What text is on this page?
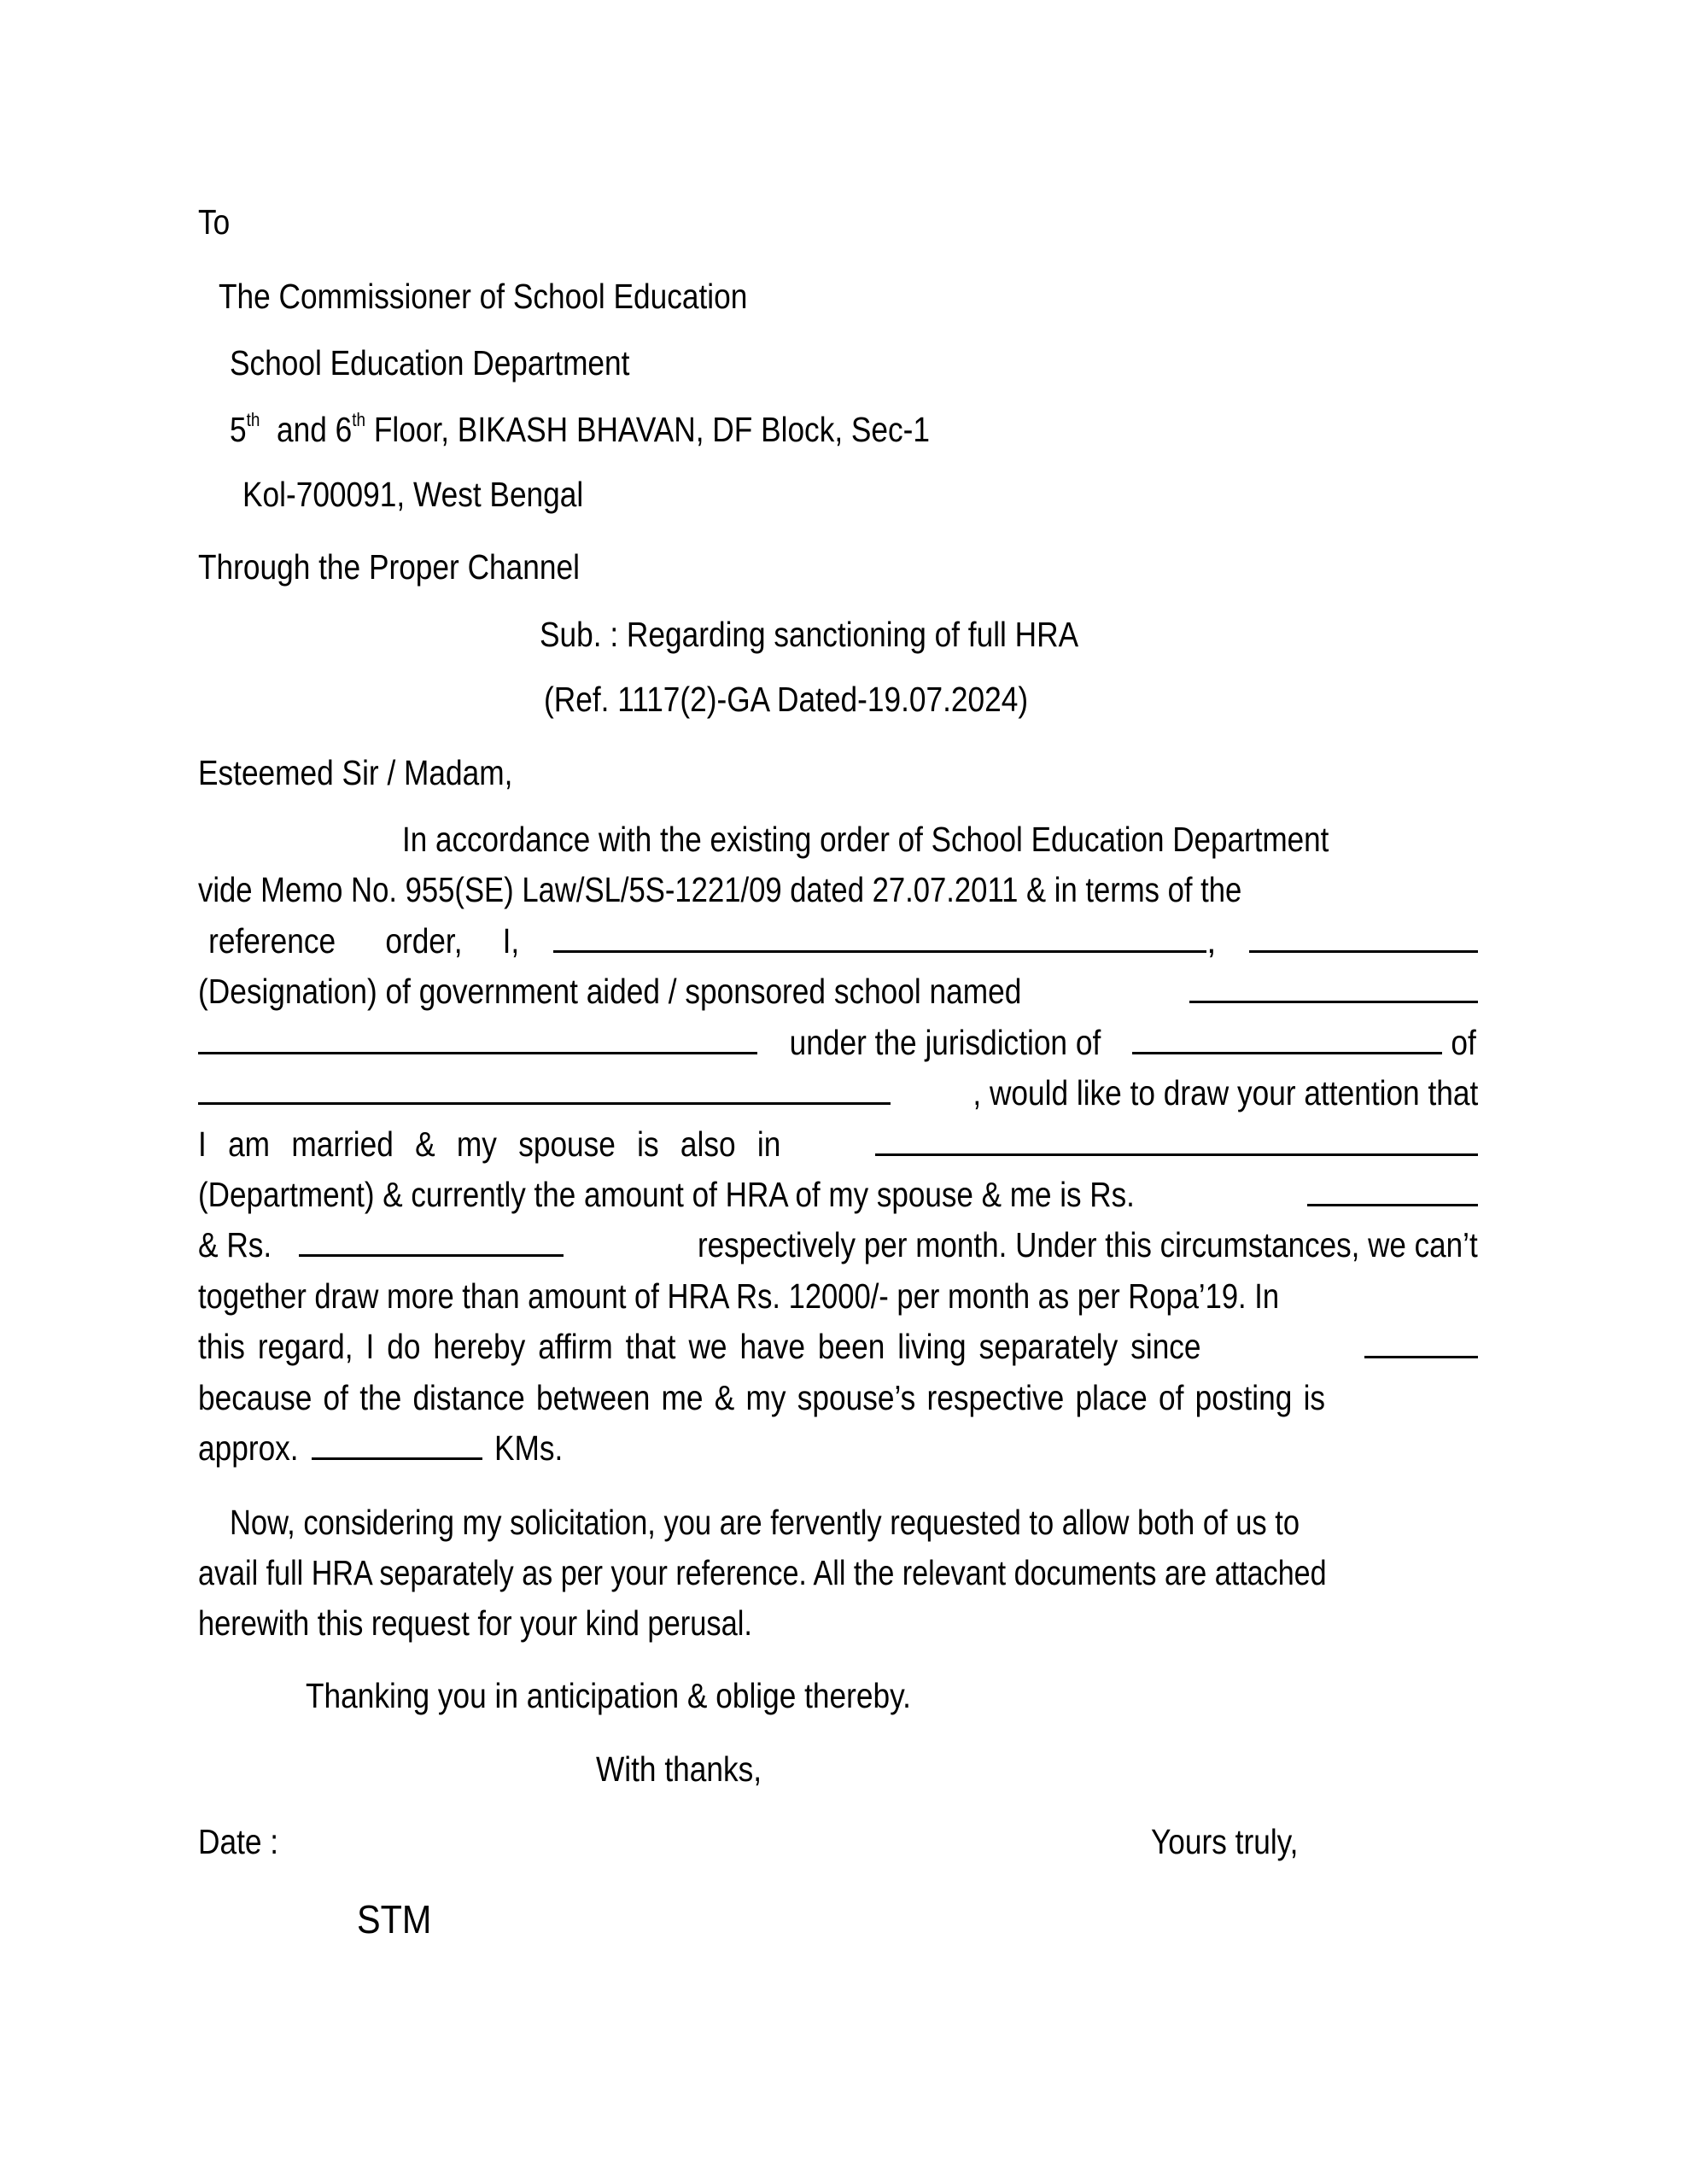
To
The Commissioner of School Education
School Education Department
5th  and 6th Floor, BIKASH BHAVAN, DF Block, Sec-1
Kol-700091, West Bengal
Through the Proper Channel
Sub. : Regarding sanctioning of full HRA
(Ref. 1117(2)-GA Dated-19.07.2024)
Esteemed Sir / Madam,
In accordance with the existing order of School Education Department
vide Memo No. 955(SE) Law/SL/5S-1221/09 dated 27.07.2011 & in terms of the
reference order, I,	,
(Designation) of government aided / sponsored school named
under the jurisdiction of	of
, would like to draw your attention that
I am married & my spouse is also in
(Department) & currently the amount of HRA of my spouse & me is Rs.
& Rs.	respectively per month. Under this circumstances, we can’t
together draw more than amount of HRA Rs. 12000/- per month as per Ropa’19. In
this regard, I do hereby affirm that we have been living separately since
because of the distance between me & my spouse’s respective place of posting is
approx.	KMs.
Now, considering my solicitation, you are fervently requested to allow both of us to
avail full HRA separately as per your reference. All the relevant documents are attached
herewith this request for your kind perusal.
Thanking you in anticipation & oblige thereby.
With thanks,
Date :	Yours truly,
STM
